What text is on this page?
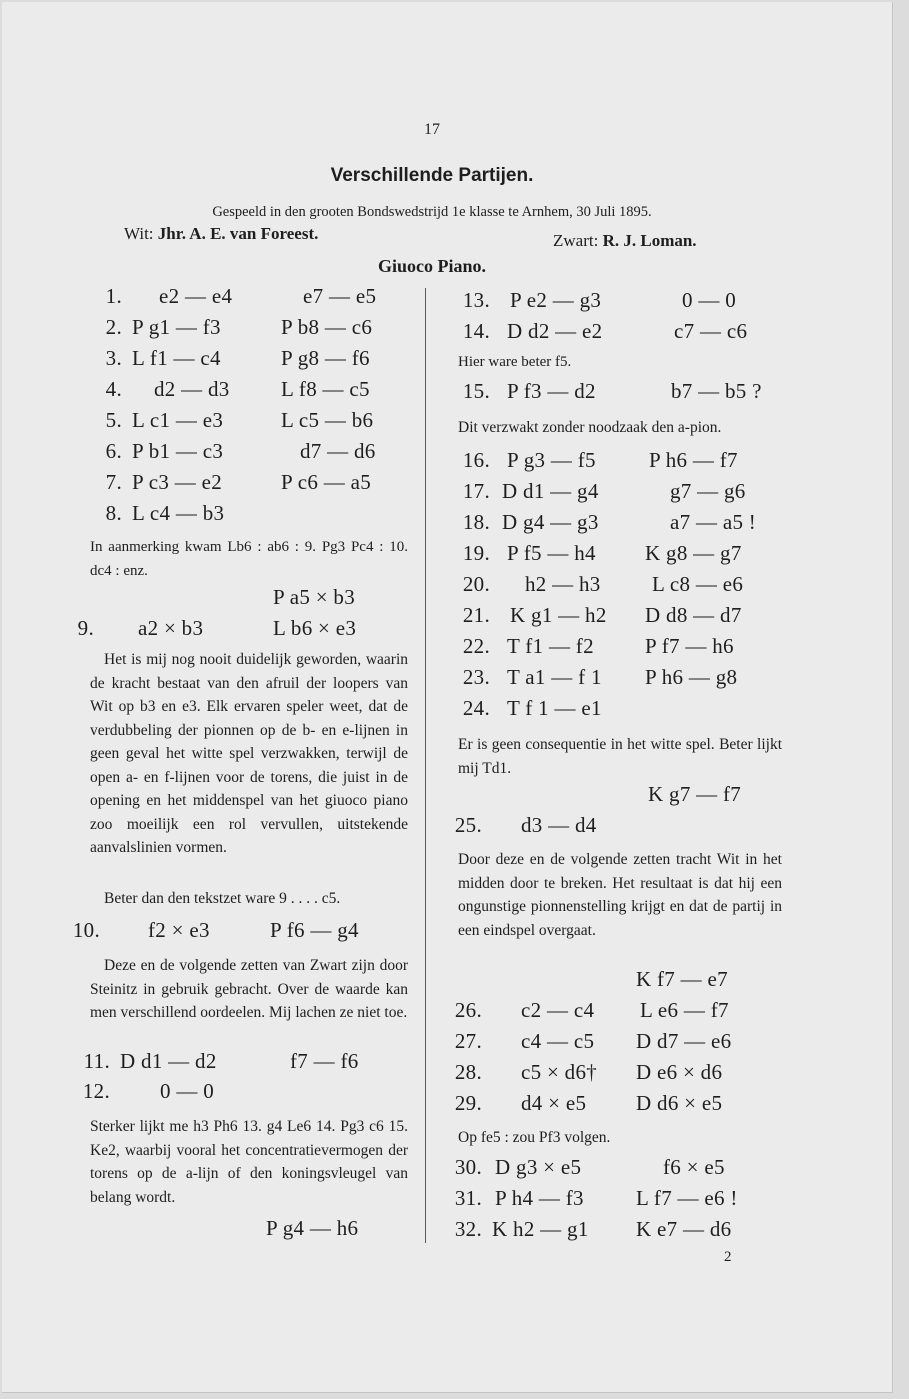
17
Verschillende Partijen.
Gespeeld in den grooten Bondswedstrijd 1e klasse te Arnhem, 30 Juli 1895.
Wit: Jhr. A. E. van Foreest.	Zwart: R. J. Loman.
Giuoco Piano.
1. e2 — e4	e7 — e5
2. P g1 — f3	P b8 — c6
3. L f1 — c4	P g8 — f6
4. d2 — d3 L f8 — c5
5. L c1 — e3	L c5 — b6
6. P b1 — c3	d7 — d6
7. P c3 — e2	P c6 — a5
8. L c4 — b3
In aanmerking kwam Lb6 : ab6 : 9. Pg3 Pc4 : 10. dc4 : enz.
P a5 × b3
9. a2 × b3	L b6 × e3
Het is mij nog nooit duidelijk geworden, waarin de kracht bestaat van den afruil der loopers van Wit op b3 en e3. Elk ervaren speler weet, dat de verdubbeling der pionnen op de b- en e-lijnen in geen geval het witte spel verzwakken, terwijl de open a- en f-lijnen voor de torens, die juist in de opening en het middenspel van het giuoco piano zoo moeilijk een rol vervullen, uitstekende aanvalslinien vormen.
Beter dan den tekstzet ware 9 . . . . c5.
10. f2 × e3	P f6 — g4
Deze en de volgende zetten van Zwart zijn door Steinitz in gebruik gebracht. Over de waarde kan men verschillend oordeelen. Mij lachen ze niet toe.
11. D d1 — d2	f7 — f6
12. 0 — 0
Sterker lijkt me h3 Ph6 13. g4 Le6 14. Pg3 c6 15. Ke2, waarbij vooral het concentratievermogen der torens op de a-lijn of den koningsvleugel van belang wordt.
P g4 — h6
13. P e2 — g3	0 — 0
14. D d2 — e2	c7 — c6
Hier ware beter f5.
15. P f3 — d2	b7 — b5 ?
Dit verzwakt zonder noodzaak den a-pion.
16. P g3 — f5	P h6 — f7
17. D d1 — g4	g7 — g6
18. D g4 — g3	a7 — a5 !
19. P f5 — h4 K g8 — g7
20. h2 — h3 L c8 — e6
21. K g1 — h2 D d8 — d7
22. T f1 — f2 P f7 — h6
23. T a1 — f 1 P h6 — g8
24. T f 1 — e1
Er is geen consequentie in het witte spel. Beter lijkt mij Td1.
K g7 — f7
25. d3 — d4
Door deze en de volgende zetten tracht Wit in het midden door te breken. Het resultaat is dat hij een ongunstige pionnenstelling krijgt en dat de partij in een eindspel overgaat.
K f7 — e7
26. c2 — c4 L e6 — f7
27. c4 — c5 D d7 — e6
28. c5 × d6† D e6 × d6
29. d4 × e5 D d6 × e5
Op fe5 : zou Pf3 volgen.
30. D g3 × e5	f6 × e5
31. P h4 — f3 L f7 — e6 !
32. K h2 — g1 K e7 — d6
2
